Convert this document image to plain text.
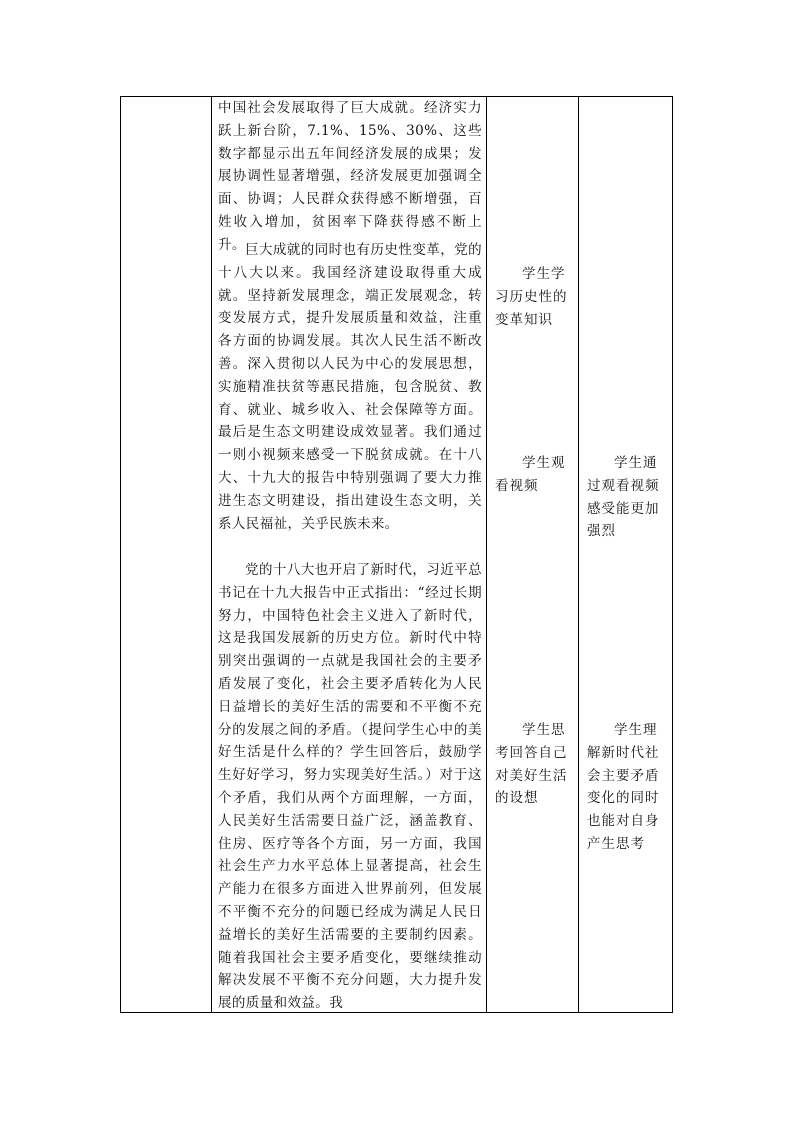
中国社会发展取得了巨大成就。经济实力跃上新台阶，7.1%、15%、30%、这些数字都显示出五年间经济发展的成果；发展协调性显著增强，经济发展更加强调全面、协调；人民群众获得感不断增强，百姓收入增加，贫困率下降获得感不断上升。 巨大成就的同时也有历史性变革，党的十八大以来。我国经济建设取得重大成就。坚持新发展理念，端正发展观念，转变发展方式，提升发展质量和效益，注重各方面的协调发展。其次人民生活不断改善。深入贯彻以人民为中心的发展思想，实施精准扶贫等惠民措施，包含脱贫、教育、就业、城乡收入、社会保障等方面。最后是生态文明建设成效显著。我们通过一则小视频来感受一下脱贫成就。在十八大、十九大的报告中特别强调了要大力推进生态文明建设，指出建设生态文明，关系人民福祉，关乎民族未来。
党的十八大也开启了新时代，习近平总书记在十九大报告中正式指出：“经过长期努力，中国特色社会主义进入了新时代，这是我国发展新的历史方位。新时代中特别突出强调的一点就是我国社会的主要矛盾发展了变化，社会主要矛盾转化为人民日益增长的美好生活的需要和不平衡不充分的发展之间的矛盾。（提问学生心中的美好生活是什么样的？学生回答后，鼓励学生好好学习，努力实现美好生活。）对于这个矛盾，我们从两个方面理解，一方面，人民美好生活需要日益广泛，涵盖教育、住房、医疗等各个方面，另一方面，我国社会生产力水平总体上显著提高，社会生产能力在很多方面进入世界前列，但发展不平衡不充分的问题已经成为满足人民日益增长的美好生活需要的主要制约因素。随着我国社会主要矛盾变化，要继续推动解决发展不平衡不充分问题，大力提升发展的质量和效益。我
学生学习历史性的变革知识
学生观看视频
学生思考回答自己对美好生活的设想
学生通过观看视频感受能更加强烈
学生理解新时代社会主要矛盾变化的同时也能对自身产生思考
